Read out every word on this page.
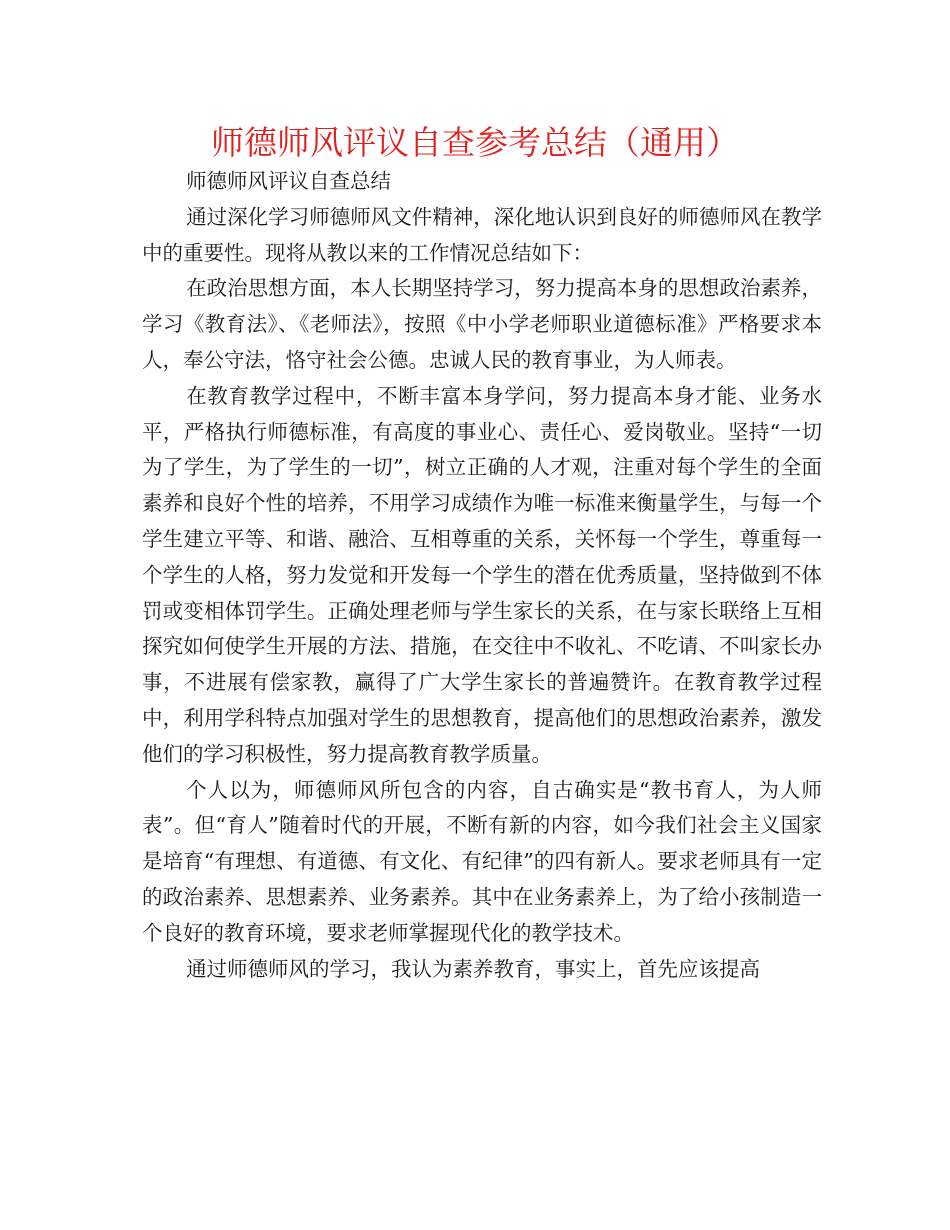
师德师风评议自查参考总结（通用）

师德师风评议自查总结

通过深化学习师德师风文件精神，深化地认识到良好的师德师风在教学中的重要性。现将从教以来的工作情况总结如下：

在政治思想方面，本人长期坚持学习，努力提高本身的思想政治素养，学习《教育法》、《老师法》，按照《中小学老师职业道德标准》严格要求本人，奉公守法，恪守社会公德。忠诚人民的教育事业，为人师表。

在教育教学过程中，不断丰富本身学问，努力提高本身才能、业务水平，严格执行师德标准，有高度的事业心、责任心、爱岗敬业。坚持“一切为了学生，为了学生的一切”，树立正确的人才观，注重对每个学生的全面素养和良好个性的培养，不用学习成绩作为唯一标准来衡量学生，与每一个学生建立平等、和谐、融洽、互相尊重的关系，关怀每一个学生，尊重每一个学生的人格，努力发觉和开发每一个学生的潜在优秀质量，坚持做到不体罚或变相体罚学生。正确处理老师与学生家长的关系，在与家长联络上互相探究如何使学生开展的方法、措施，在交往中不收礼、不吃请、不叫家长办事，不进展有偿家教，赢得了广大学生家长的普遍赞许。在教育教学过程中，利用学科特点加强对学生的思想教育，提高他们的思想政治素养，激发他们的学习积极性，努力提高教育教学质量。

个人以为，师德师风所包含的内容，自古确实是“教书育人，为人师表”。但“育人”随着时代的开展，不断有新的内容，如今我们社会主义国家是培育“有理想、有道德、有文化、有纪律”的四有新人。要求老师具有一定的政治素养、思想素养、业务素养。其中在业务素养上，为了给小孩制造一个良好的教育环境，要求老师掌握现代化的教学技术。

通过师德师风的学习，我认为素养教育，事实上，首先应该提高
